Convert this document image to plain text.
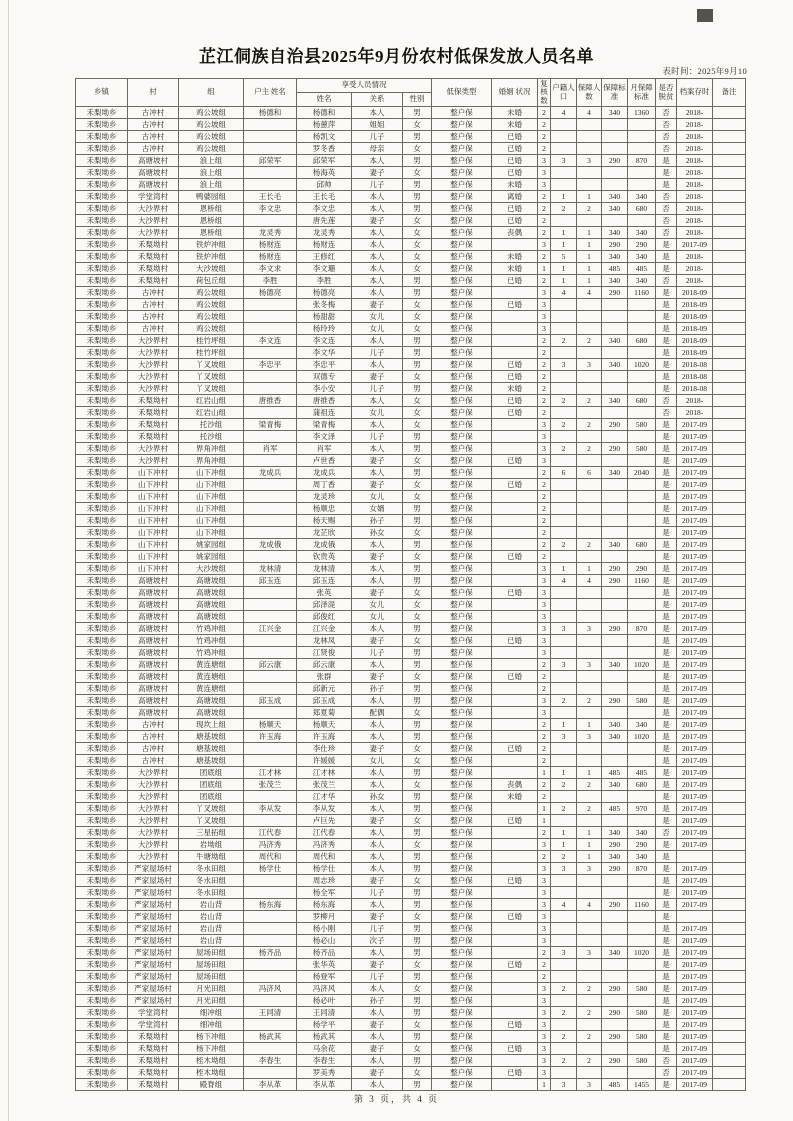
芷江侗族自治县2025年9月份农村低保发放人员名单
表时间：2025年9月10
乡镇	村	组	户主 姓名	享受人员情况			低保类型	婚姻 状况	复核数	户籍人口	保障人数	保障标准	月保障标准	是否脱贫	档案存时	备注
				姓名	关系	性别										
禾梨坳乡	古冲村	鸡公坡组	杨德和	杨德和	本人	男	整户保	未婚	2	4	4	340	1360	否	2018-	
禾梨坳乡	古冲村	鸡公坡组		杨蕙萍	姐姐	女	整户保	未婚	2					否	2018-	
禾梨坳乡	古冲村	鸡公坡组		杨凯文	儿子	男	整户保	已婚	2					否	2018-	
禾梨坳乡	古冲村	鸡公坡组		罗冬香	母亲	女	整户保	已婚	2					否	2018-	
禾梨坳乡	高塘坡村	浪上组	邱荣军	邱荣军	本人	男	整户保	已婚	3	3	3	290	870	是	2018-	
禾梨坳乡	高塘坡村	浪上组		杨海英	妻子	女	整户保	已婚	3					是	2018-	
禾梨坳乡	高塘坡村	浪上组		邱帅	儿子	男	整户保	未婚	3					是	2018-	
禾梨坳乡	学堂湾村	鸭婆园组	王长毛	王长毛	本人	男	整户保	离婚	2	1	1	340	340	否	2018-	
禾梨坳乡	大沙界村	恩桥组	李文忠	李文忠	本人	男	整户保	已婚	2	2	2	340	680	否	2018-	
禾梨坳乡	大沙界村	恩桥组		唐先莲	妻子	女	整户保	已婚	2					否	2018-	
禾梨坳乡	大沙界村	恩桥组	龙灵秀	龙灵秀	本人	女	整户保	丧偶	2	1	1	340	340	否	2018-	
禾梨坳乡	禾梨坳村	铁炉冲组	杨财连	杨财连	本人	女	整户保		3	1	1	290	290	是	2017-09	
禾梨坳乡	禾梨坳村	铁炉冲组	杨财连	王修红	本人	女	整户保	未婚	2	5	1	340	340	是	2018-	
禾梨坳乡	禾梨坳村	大沙坡组	李文求	李文珊	本人	女	整户保	未婚	1	1	1	485	485	是	2018-	
禾梨坳乡	禾梨坳村	荷包丘组	李胜	李胜	本人	男	整户保	已婚	2	1	1	340	340	否	2018-	
禾梨坳乡	古冲村	鸡公坡组	杨德亮	杨德亮	本人	男	整户保		3	4	4	290	1160	是	2018-09	
禾梨坳乡	古冲村	鸡公坡组		张冬梅	妻子	女	整户保	已婚	3					是	2018-09	
禾梨坳乡	古冲村	鸡公坡组		杨甜甜	女儿	女	整户保		3					是	2018-09	
禾梨坳乡	古冲村	鸡公坡组		杨玲玲	女儿	女	整户保		3					是	2018-09	
禾梨坳乡	大沙界村	桂竹坪组	李文连	李文连	本人	男	整户保		2	2	2	340	680	是	2018-09	
禾梨坳乡	大沙界村	桂竹坪组		李文华	儿子	男	整户保		2					是	2018-09	
禾梨坳乡	大沙界村	丫叉坡组	李忠平	李忠平	本人	男	整户保	已婚	2	3	3	340	1020	是	2018-08	
禾梨坳乡	大沙界村	丫叉坡组		双德专	妻子	女	整户保	已婚	2					是	2018-08	
禾梨坳乡	大沙界村	丫叉坡组		李小安	儿子	男	整户保	未婚	2					是	2018-08	
禾梨坳乡	禾梨坳村	红岩山组	唐推香	唐推香	本人	女	整户保	已婚	2	2	2	340	680	否	2018-	
禾梨坳乡	禾梨坳村	红岩山组		蒲祖连	女儿	女	整户保	已婚	2					否	2018-	
禾梨坳乡	禾梨坳村	托沙组	梁青梅	梁青梅	本人	女	整户保		3	2	2	290	580	是	2017-09	
禾梨坳乡	禾梨坳村	托沙组		李文泽	儿子	男	整户保		3					是	2017-09	
禾梨坳乡	大沙界村	界角冲组	肖军	肖军	本人	男	整户保		3	2	2	290	580	是	2017-09	
禾梨坳乡	大沙界村	界角冲组		卢世香	妻子	女	整户保	已婚	3					是	2017-09	
禾梨坳乡	山下冲村	山下冲组	龙成兵	龙成兵	本人	男	整户保		2	6	6	340	2040	是	2017-09	
禾梨坳乡	山下冲村	山下冲组		周丁香	妻子	女	整户保	已婚	2					是	2017-09	
禾梨坳乡	山下冲村	山下冲组		龙灵珍	女儿	女	整户保		2					是	2017-09	
禾梨坳乡	山下冲村	山下冲组		杨顺忠	女婿	男	整户保		2					是	2017-09	
禾梨坳乡	山下冲村	山下冲组		杨天赐	孙子	男	整户保		2					是	2017-09	
禾梨坳乡	山下冲村	山下冲组		龙芷欣	孙女	女	整户保		2					是	2017-09	
禾梨坳乡	山下冲村	姚家园组	龙成俄	龙成俄	本人	男	整户保		2	2	2	340	680	是	2017-09	
禾梨坳乡	山下冲村	姚家园组		钦贵英	妻子	女	整户保	已婚	2					是	2017-09	
禾梨坳乡	山下冲村	大沙坡组	龙林清	龙林清	本人	男	整户保		3	1	1	290	290	是	2017-09	
禾梨坳乡	高塘坡村	高塘坡组	邱玉连	邱玉连	本人	男	整户保		3	4	4	290	1160	是	2017-09	
禾梨坳乡	高塘坡村	高塘坡组		张英	妻子	女	整户保	已婚	3					是	2017-09	
禾梨坳乡	高塘坡村	高塘坡组		邱泽湜	女儿	女	整户保		3					是	2017-09	
禾梨坳乡	高塘坡村	高塘坡组		邱俊红	女儿	女	整户保		3					是	2017-09	
禾梨坳乡	高塘坡村	竹鸡冲组	江兴金	江兴金	本人	男	整户保		3	3	3	290	870	是	2017-09	
禾梨坳乡	高塘坡村	竹鸡冲组		龙林凤	妻子	女	整户保	已婚	3					是	2017-09	
禾梨坳乡	高塘坡村	竹鸡冲组		江贤俊	儿子	男	整户保		3					是	2017-09	
禾梨坳乡	高塘坡村	黄连塘组	邱云康	邱云康	本人	男	整户保		2	3	3	340	1020	是	2017-09	
禾梨坳乡	高塘坡村	黄连塘组		张群	妻子	女	整户保	已婚	2					是	2017-09	
禾梨坳乡	高塘坡村	黄连塘组		邱新元	孙子	男	整户保		2					是	2017-09	
禾梨坳乡	高塘坡村	高塘坡组	邱玉成	邱玉成	本人	男	整户保		3	2	2	290	580	是	2017-09	
禾梨坳乡	高塘坡村	高塘坡组		郑夏菊	配偶	女	整户保		3					是	2017-09	
禾梨坳乡	古冲村	现坎上组	杨顺天	杨顺天	本人	男	整户保		2	1	1	340	340	是	2017-09	
禾梨坳乡	古冲村	塘基坡组	许玉海	许玉海	本人	男	整户保		2	3	3	340	1020	是	2017-09	
禾梨坳乡	古冲村	塘基坡组		李仕珍	妻子	女	整户保	已婚	2					是	2017-09	
禾梨坳乡	古冲村	塘基坡组		许媛媛	女儿	女	整户保		2					是	2017-09	
禾梨坳乡	大沙界村	团底组	江才林	江才林	本人	男	整户保		1	1	1	485	485	是	2017-09	
禾梨坳乡	大沙界村	团底组	张茂兰	张茂兰	本人	女	整户保	丧偶	2	2	2	340	680	是	2017-09	
禾梨坳乡	大沙界村	团底组		江才华	孙女	男	整户保	未婚	2					是	2017-09	
禾梨坳乡	大沙界村	丫叉坡组	李从发	李从发	本人	男	整户保		1	2	2	485	970	是	2017-09	
禾梨坳乡	大沙界村	丫叉坡组		卢巨先	妻子	女	整户保	已婚	1					是	2017-09	
禾梨坳乡	大沙界村	三星拓组	江代春	江代春	本人	男	整户保		2	1	1	340	340	否	2017-09	
禾梨坳乡	大沙界村	岩坳组	冯济秀	冯济秀	本人	女	整户保		3	1	1	290	290	是	2017-09	
禾梨坳乡	大沙界村	牛塘坳组	周代和	周代和	本人	男	整户保		2	2	1	340	340	是		
禾梨坳乡	严家屋场村	冬水田组	杨学仕	杨学仕	本人	男	整户保		3	3	3	290	870	是	2017-09	
禾梨坳乡	严家屋场村	冬水田组		周志珍	妻子	女	整户保	已婚	3					是	2017-09	
禾梨坳乡	严家屋场村	冬水田组		杨全军	儿子	男	整户保		3					是	2017-09	
禾梨坳乡	严家屋场村	岩山背	杨东海	杨东海	本人	男	整户保		3	4	4	290	1160	是	2017-09	
禾梨坳乡	严家屋场村	岩山背		罗柳月	妻子	女	整户保	已婚	3					是		
禾梨坳乡	严家屋场村	岩山背		杨小刚	儿子	男	整户保		3					是	2017-09	
禾梨坳乡	严家屋场村	岩山背		杨必山	次子	男	整户保		3					是	2017-09	
禾梨坳乡	严家屋场村	屋场田组	杨齐品	杨齐品	本人	男	整户保		2	3	3	340	1020	是	2017-09	
禾梨坳乡	严家屋场村	屋场田组		张华英	妻子	女	整户保	已婚	2					是	2017-09	
禾梨坳乡	严家屋场村	屋场田组		杨登军	儿子	男	整户保		2					是	2017-09	
禾梨坳乡	严家屋场村	月光田组	冯济风	冯济风	本人	女	整户保		3	2	2	290	580	是	2017-09	
禾梨坳乡	严家屋场村	月光田组		杨必叶	孙子	男	整户保		3					是	2017-09	
禾梨坳乡	学堂湾村	细冲组	王同清	王同清	本人	男	整户保		3	2	2	290	580	是	2017-09	
禾梨坳乡	学堂湾村	细冲组		杨学平	妻子	女	整户保	已婚	3					是	2017-09	
禾梨坳乡	禾梨坳村	杨下冲组	杨武其	杨武其	本人	男	整户保		3	2	2	290	580	是	2017-09	
禾梨坳乡	禾梨坳村	杨下冲组		马余花	妻子	女	整户保	已婚	3					是	2017-09	
禾梨坳乡	禾梨坳村	桎木坳组	李春生	李春生	本人	男	整户保		3	2	2	290	580	否	2017-09	
禾梨坳乡	禾梨坳村	桎木坳组		罗美秀	妻子	女	整户保	已婚	3					否	2017-09	
禾梨坳乡	禾梨坳村	殿脊组	李从革	李从革	本人	男	整户保		1	3	3	485	1455	是	2017-09	
第 3 页，共 4 页
